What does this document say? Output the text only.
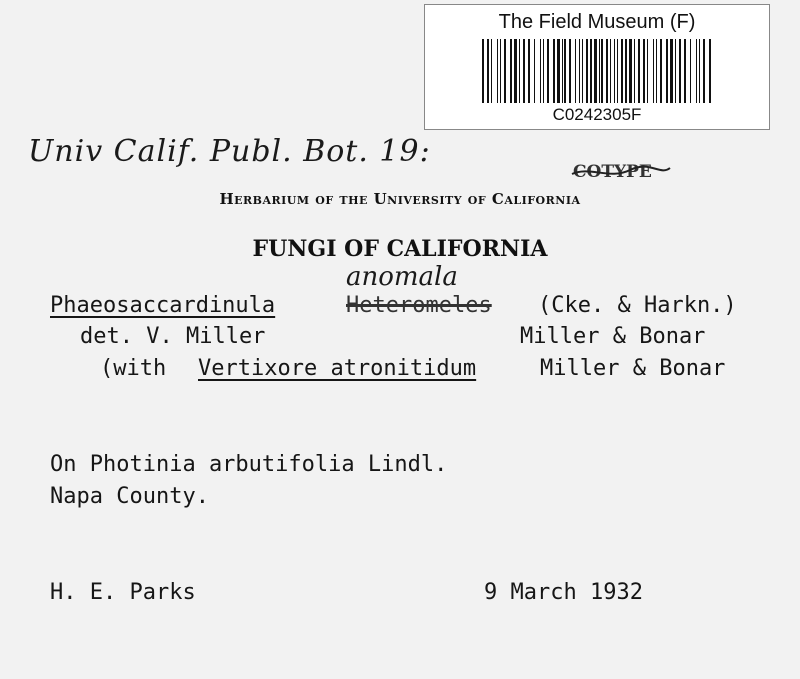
The Field Museum (F)
C0242305F
Univ Calif. Publ. Bot. 19:
COTYPE
Herbarium of the University of California
FUNGI OF CALIFORNIA
anomala
Phaeosaccardinula	Heteromeles (Cke. & Harkn.)
det. V. Miller	Miller & Bonar
(with Vertixore atronitidum	Miller & Bonar
On Photinia arbutifolia Lindl.
Napa County.
H. E. Parks	9 March 1932
